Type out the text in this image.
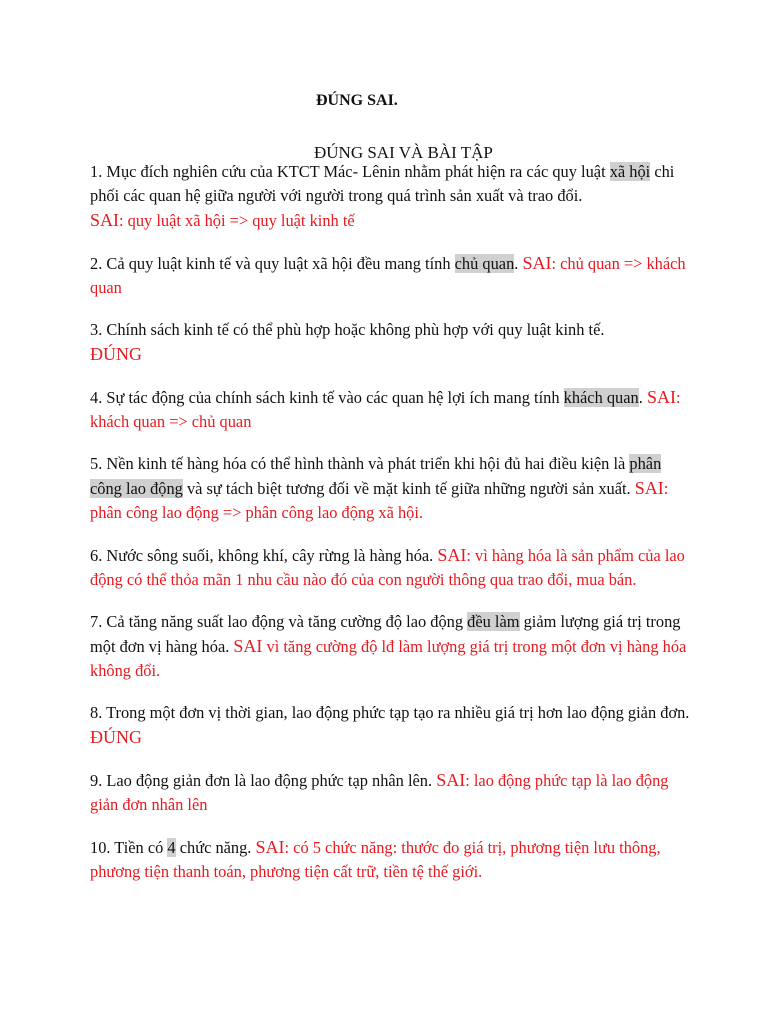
ĐÚNG SAI.

ĐÚNG SAI VÀ BÀI TẬP

1. Mục đích nghiên cứu của KTCT Mác- Lênin nhằm phát hiện ra các quy luật xã hội chi phối các quan hệ giữa người với người trong quá trình sản xuất và trao đổi.
SAI: quy luật xã hội => quy luật kinh tế

2. Cả quy luật kinh tế và quy luật xã hội đều mang tính chủ quan. SAI: chủ quan => khách quan

3. Chính sách kinh tế có thể phù hợp hoặc không phù hợp với quy luật kinh tế.
ĐÚNG

4. Sự tác động của chính sách kinh tế vào các quan hệ lợi ích mang tính khách quan. SAI: khách quan => chủ quan

5. Nền kinh tế hàng hóa có thể hình thành và phát triển khi hội đủ hai điều kiện là phân công lao động và sự tách biệt tương đối về mặt kinh tế giữa những người sản xuất. SAI: phân công lao động => phân công lao động xã hội.

6. Nước sông suối, không khí, cây rừng là hàng hóa. SAI: vì hàng hóa là sản phẩm của lao động có thể thỏa mãn 1 nhu cầu nào đó của con người thông qua trao đổi, mua bán.

7. Cả tăng năng suất lao động và tăng cường độ lao động đều làm giảm lượng giá trị trong một đơn vị hàng hóa. SAI vì tăng cường độ lđ làm lượng giá trị trong một đơn vị hàng hóa không đổi.

8. Trong một đơn vị thời gian, lao động phức tạp tạo ra nhiều giá trị hơn lao động giản đơn. ĐÚNG

9. Lao động giản đơn là lao động phức tạp nhân lên. SAI: lao động phức tạp là lao động giản đơn nhân lên

10. Tiền có 4 chức năng. SAI: có 5 chức năng: thước đo giá trị, phương tiện lưu thông, phương tiện thanh toán, phương tiện cất trữ, tiền tệ thế giới.
